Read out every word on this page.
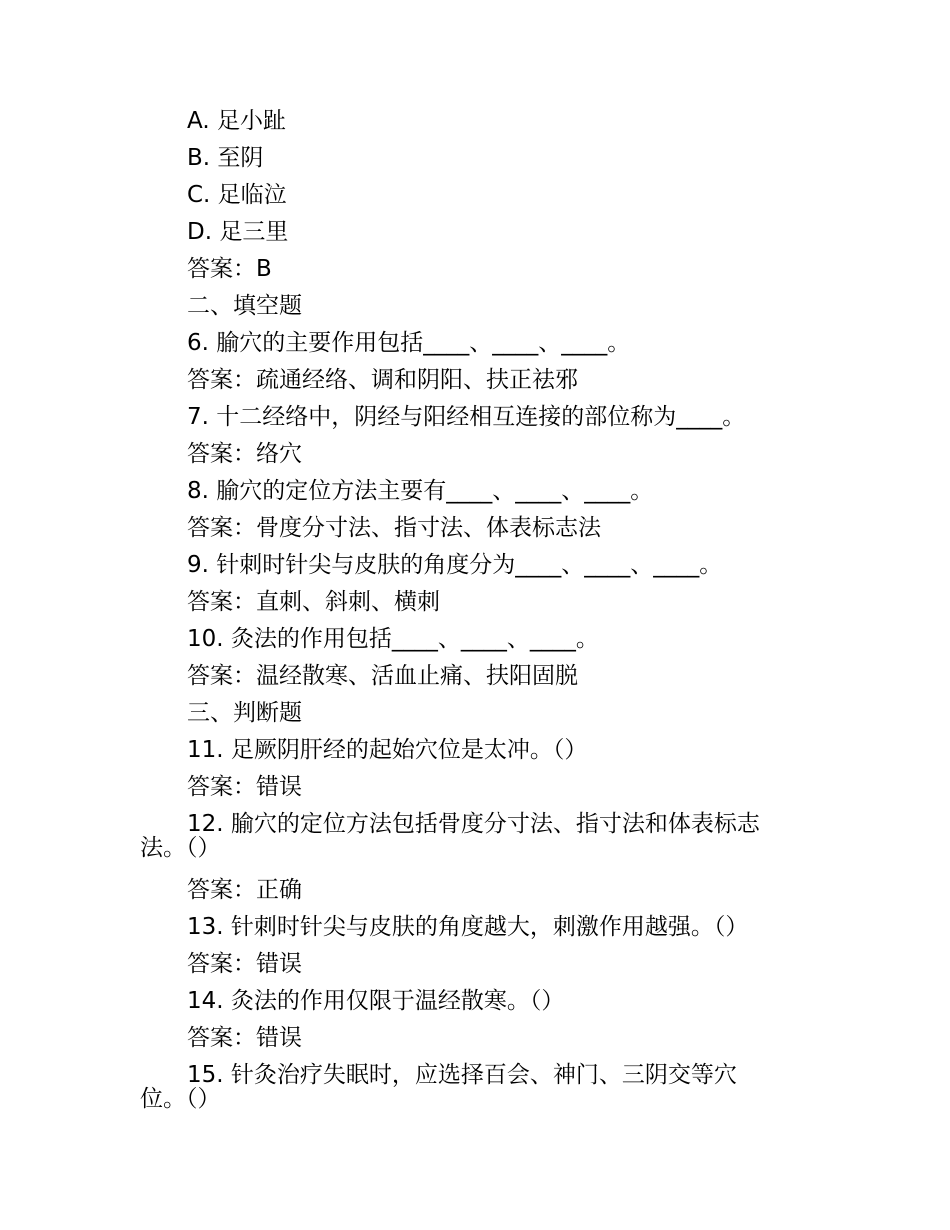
A. 足小趾
B. 至阴
C. 足临泣
D. 足三里
答案：B
二、填空题
6. 腧穴的主要作用包括____、____、____。
答案：疏通经络、调和阴阳、扶正祛邪
7. 十二经络中，阴经与阳经相互连接的部位称为____。
答案：络穴
8. 腧穴的定位方法主要有____、____、____。
答案：骨度分寸法、指寸法、体表标志法
9. 针刺时针尖与皮肤的角度分为____、____、____。
答案：直刺、斜刺、横刺
10. 灸法的作用包括____、____、____。
答案：温经散寒、活血止痛、扶阳固脱
三、判断题
11. 足厥阴肝经的起始穴位是太冲。（）
答案：错误
12. 腧穴的定位方法包括骨度分寸法、指寸法和体表标志
法。（）
答案：正确
13. 针刺时针尖与皮肤的角度越大，刺激作用越强。（）
答案：错误
14. 灸法的作用仅限于温经散寒。（）
答案：错误
15. 针灸治疗失眠时，应选择百会、神门、三阴交等穴
位。（）
